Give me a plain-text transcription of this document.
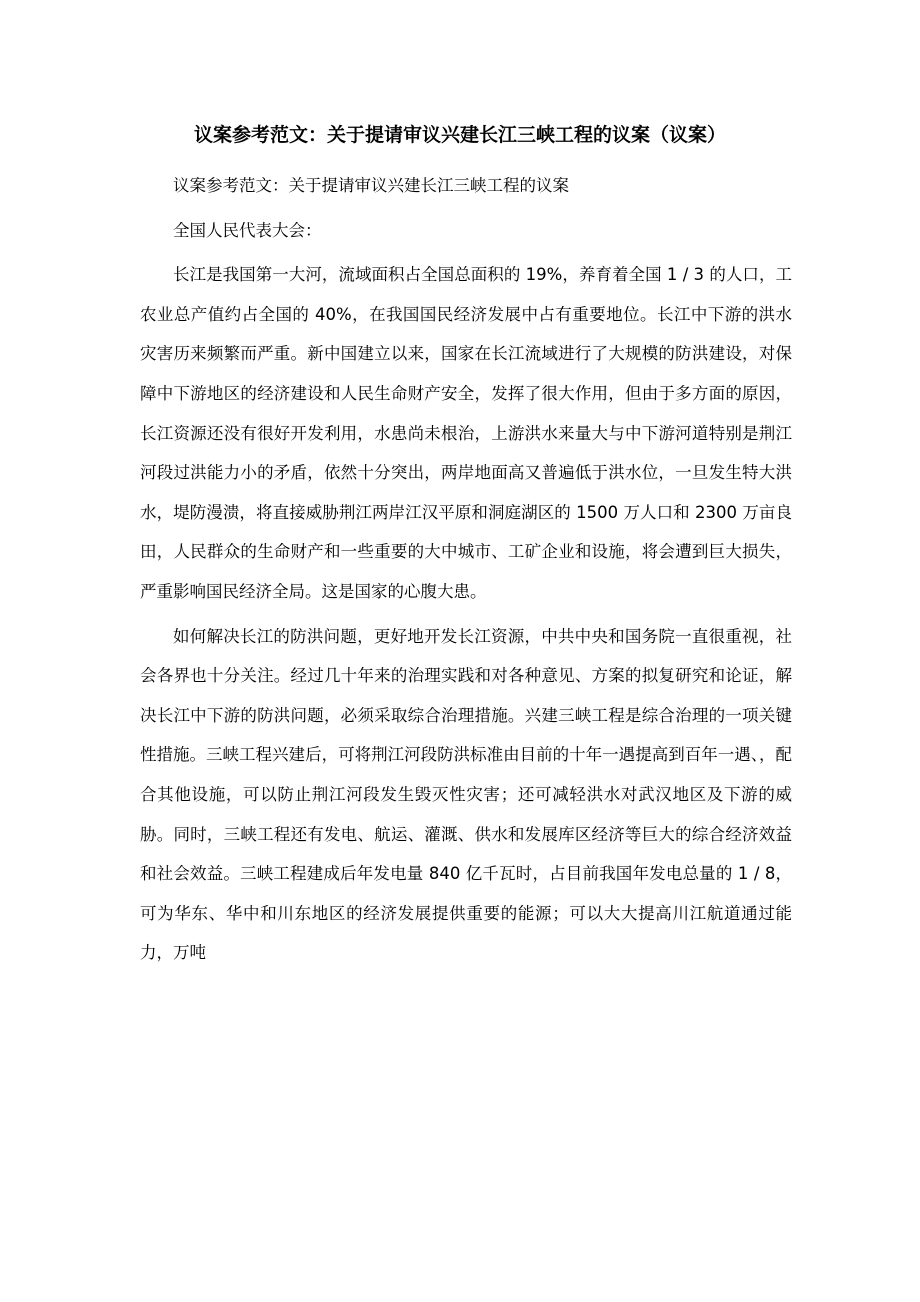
议案参考范文：关于提请审议兴建长江三峡工程的议案（议案）

议案参考范文：关于提请审议兴建长江三峡工程的议案

全国人民代表大会：

长江是我国第一大河，流域面积占全国总面积的 19%，养育着全国 1 / 3 的人口，工农业总产值约占全国的 40%，在我国国民经济发展中占有重要地位。长江中下游的洪水灾害历来频繁而严重。新中国建立以来，国家在长江流域进行了大规模的防洪建设，对保障中下游地区的经济建设和人民生命财产安全，发挥了很大作用，但由于多方面的原因，长江资源还没有很好开发利用，水患尚未根治，上游洪水来量大与中下游河道特别是荆江河段过洪能力小的矛盾，依然十分突出，两岸地面高又普遍低于洪水位，一旦发生特大洪水，堤防漫溃，将直接威胁荆江两岸江汉平原和洞庭湖区的 1500 万人口和 2300 万亩良田，人民群众的生命财产和一些重要的大中城市、工矿企业和设施，将会遭到巨大损失，严重影响国民经济全局。这是国家的心腹大患。

如何解决长江的防洪问题，更好地开发长江资源，中共中央和国务院一直很重视，社会各界也十分关注。经过几十年来的治理实践和对各种意见、方案的拟复研究和论证，解决长江中下游的防洪问题，必须采取综合治理措施。兴建三峡工程是综合治理的一项关键性措施。三峡工程兴建后，可将荆江河段防洪标准由目前的十年一遇提高到百年一遇、，配合其他设施，可以防止荆江河段发生毁灭性灾害；还可减轻洪水对武汉地区及下游的威胁。同时，三峡工程还有发电、航运、灌溉、供水和发展库区经济等巨大的综合经济效益和社会效益。三峡工程建成后年发电量 840 亿千瓦时，占目前我国年发电总量的 1 / 8，可为华东、华中和川东地区的经济发展提供重要的能源；可以大大提高川江航道通过能力，万吨
